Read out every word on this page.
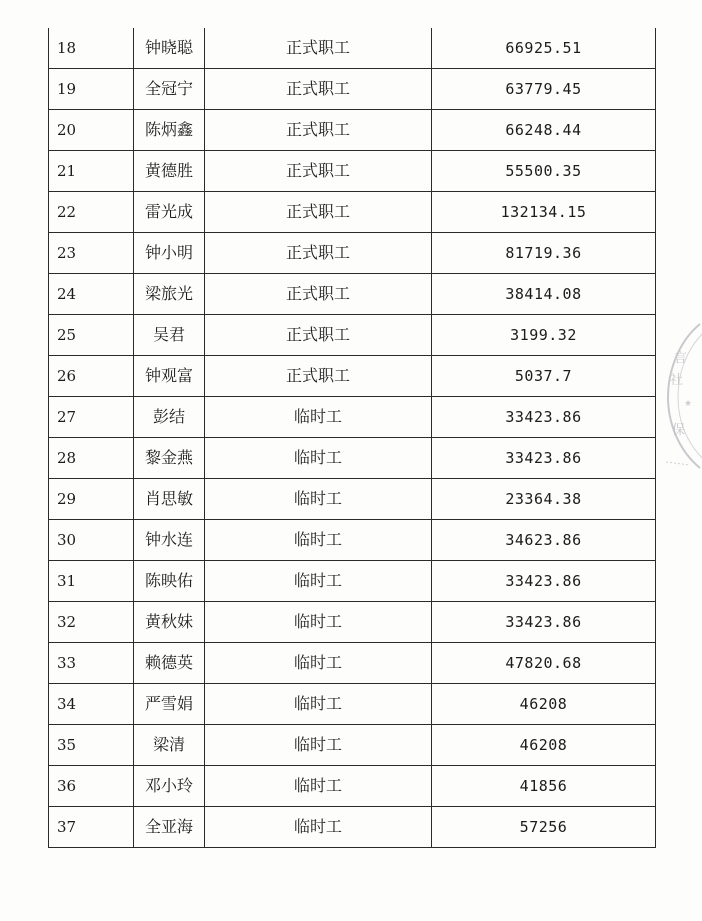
18	钟晓聪	正式职工	66925.51
19	全冠宁	正式职工	63779.45
20	陈炳鑫	正式职工	66248.44
21	黄德胜	正式职工	55500.35
22	雷光成	正式职工	132134.15
23	钟小明	正式职工	81719.36
24	梁旅光	正式职工	38414.08
25	吴君	正式职工	3199.32
26	钟观富	正式职工	5037.7
27	彭结	临时工	33423.86
28	黎金燕	临时工	33423.86
29	肖思敏	临时工	23364.38
30	钟水连	临时工	34623.86
31	陈映佑	临时工	33423.86
32	黄秋妹	临时工	33423.86
33	赖德英	临时工	47820.68
34	严雪娟	临时工	46208
35	梁清	临时工	46208
36	邓小玲	临时工	41856
37	全亚海	临时工	57256
言
社
★
保
